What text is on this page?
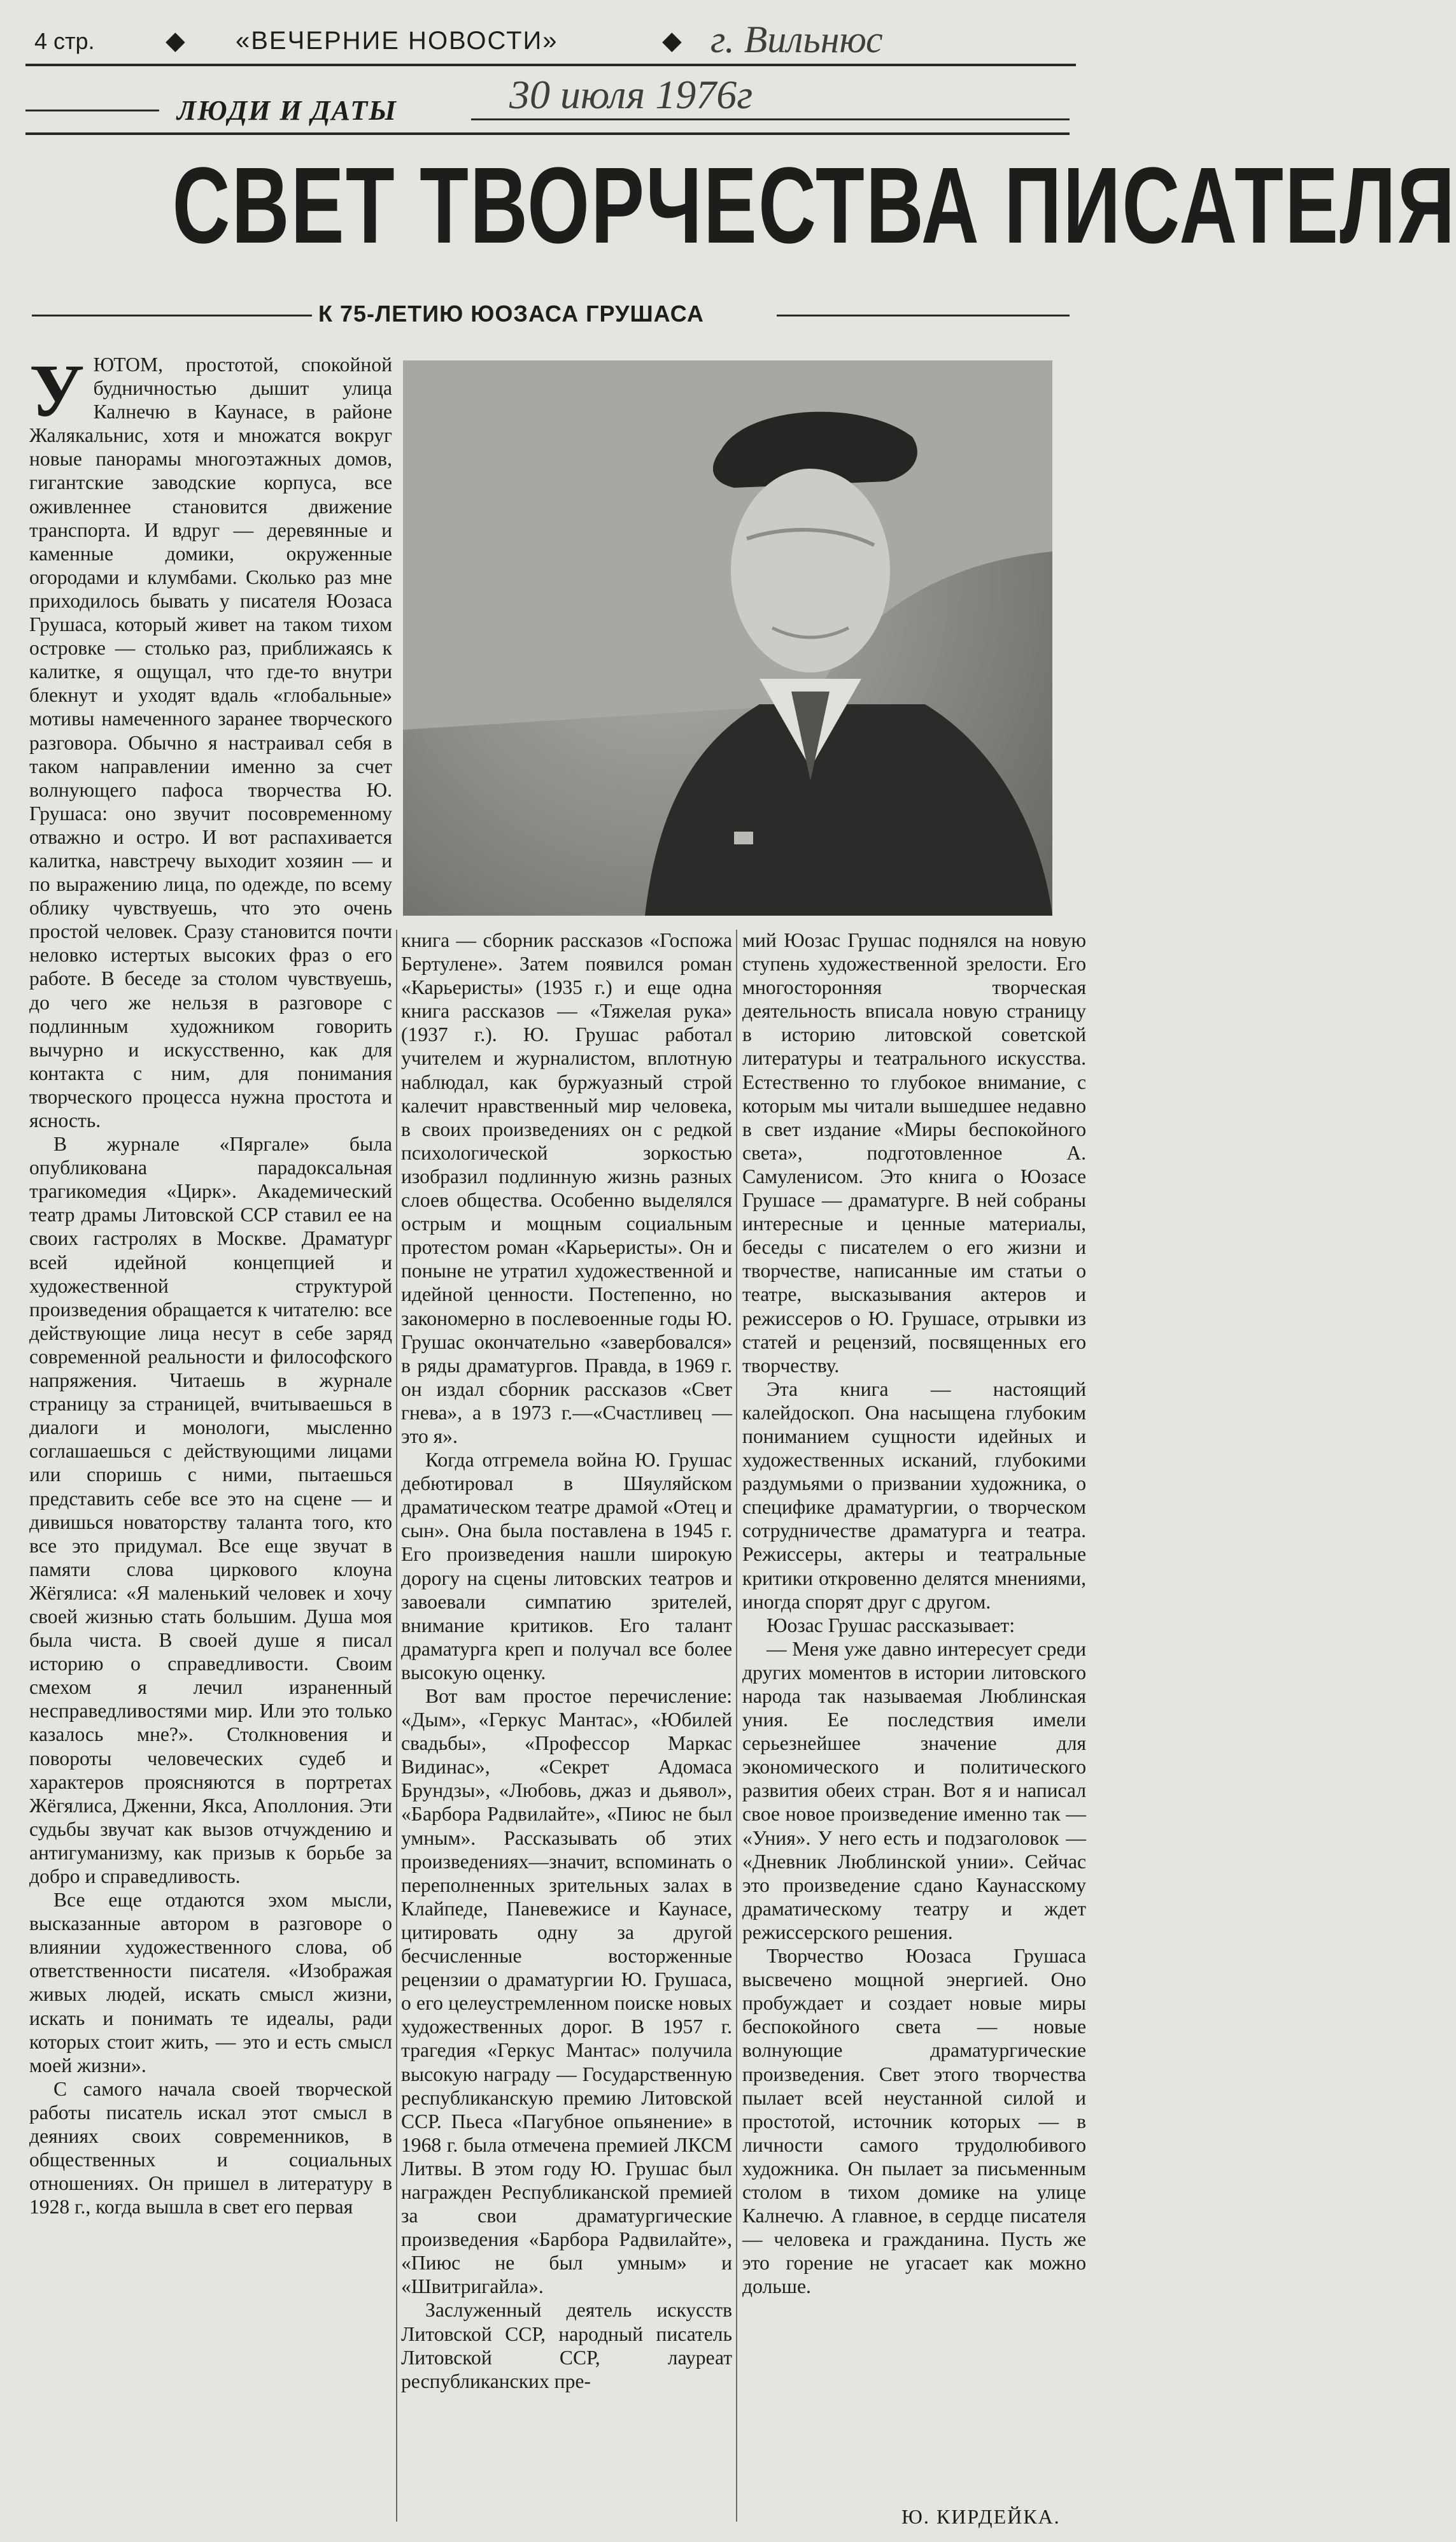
4 стр.	◆ «ВЕЧЕРНИЕ НОВОСТИ»	◆ г. Вильнюс
30 июля 1976г
ЛЮДИ И ДАТЫ
СВЕТ ТВОРЧЕСТВА ПИСАТЕЛЯ
К 75-ЛЕТИЮ ЮОЗАСА ГРУШАСА

УЮТОМ, простотой, спокойной будничностью дышит улица Калнечю в Каунасе, в районе Жалякальнис, хотя и множатся вокруг новые панорамы многоэтажных домов, гигантские заводские корпуса, все оживленнее становится движение транспорта. И вдруг — деревянные и каменные домики, окруженные огородами и клумбами. Сколько раз мне приходилось бывать у писателя Юозаса Грушаса, который живет на таком тихом островке — столько раз, приближаясь к калитке, я ощущал, что где-то внутри блекнут и уходят вдаль «глобальные» мотивы намеченного заранее творческого разговора. Обычно я настраивал себя в таком направлении именно за счет волнующего пафоса творчества Ю. Грушаса: оно звучит посовременному отважно и остро. И вот распахивается калитка, навстречу выходит хозяин — и по выражению лица, по одежде, по всему облику чувствуешь, что это очень простой человек. Сразу становится почти неловко истертых высоких фраз о его работе. В беседе за столом чувствуешь, до чего же нельзя в разговоре с подлинным художником говорить вычурно и искусственно, как для контакта с ним, для понимания творческого процесса нужна простота и ясность.

В журнале «Пяргале» была опубликована парадоксальная трагикомедия «Цирк». Академический театр драмы Литовской ССР ставил ее на своих гастролях в Москве. Драматург всей идейной концепцией и художественной структурой произведения обращается к читателю: все действующие лица несут в себе заряд современной реальности и философского напряжения. Читаешь в журнале страницу за страницей, вчитываешься в диалоги и монологи, мысленно соглашаешься с действующими лицами или споришь с ними, пытаешься представить себе все это на сцене — и дивишься новаторству таланта того, кто все это придумал. Все еще звучат в памяти слова циркового клоуна Жёгялиса: «Я маленький человек и хочу своей жизнью стать большим. Душа моя была чиста. В своей душе я писал историю о справедливости. Своим смехом я лечил изрaненный несправедливостями мир. Или это только казалось мне?». Столкновения и повороты человеческих судеб и характеров проясняются в портретах Жёгялиса, Дженни, Якса, Аполлония. Эти судьбы звучат как вызов отчуждению и антигуманизму, как призыв к борьбе за добро и справедливость.

Все еще отдаются эхом мысли, высказанные автором в разговоре о влиянии художественного слова, об ответственности писателя. «Изображая живых людей, искать смысл жизни, искать и понимать те идеалы, ради которых стоит жить, — это и есть смысл моей жизни».

С самого начала своей творческой работы писатель искал этот смысл в деяниях своих современников, в общественных и социальных отношениях. Он пришел в литературу в 1928 г., когда вышла в свет его первая

книга — сборник рассказов «Госпожа Бертулене». Затем появился роман «Карьеристы» (1935 г.) и еще одна книга рассказов — «Тяжелая рука» (1937 г.). Ю. Грушас работал учителем и журналистом, вплотную наблюдал, как буржуазный строй калечит нравственный мир человека, в своих произведениях он с редкой психологической зоркостью изобразил подлинную жизнь разных слоев общества. Особенно выделялся острым и мощным социальным протестом роман «Карьеристы». Он и поныне не утратил художественной и идейной ценности. Постепенно, но закономерно в послевоенные годы Ю. Грушас окончательно «завербовался» в ряды драматургов. Правда, в 1969 г. он издал сборник рассказов «Свет гнева», а в 1973 г.—«Счастливец — это я».

Когда отгремела война Ю. Грушас дебютировал в Шяуляйском драматическом театре драмой «Отец и сын». Она была поставлена в 1945 г. Его произведения нашли широкую дорогу на сцены литовских театров и завоевали симпатию зрителей, внимание критиков. Его талант драматурга креп и получал все более высокую оценку.

Вот вам простое перечисление: «Дым», «Геркус Мантас», «Юбилей свадьбы», «Профессор Маркас Видинас», «Секрет Адомаса Брундзы», «Любовь, джаз и дьявол», «Барбора Радвилайте», «Пиюс не был умным». Рассказывать об этих произведениях—значит, вспоминать о переполненных зрительных залах в Клайпеде, Паневежисе и Каунасе, цитировать одну за другой бесчисленные восторженные рецензии о драматургии Ю. Грушаса, о его целеустремленном поиске новых художественных дорог. В 1957 г. трагедия «Геркус Мантас» получила высокую награду — Государственную республиканскую премию Литовской ССР. Пьеса «Пагубное опьянение» в 1968 г. была отмечена премией ЛКСМ Литвы. В этом году Ю. Грушас был награжден Республиканской премией за свои драматургические произведения «Барбора Радвилайте», «Пиюс не был умным» и «Швитригайла».

Заслуженный деятель искусств Литовской ССР, народный писатель Литовской ССР, лауреат республиканских пре-

мий Юозас Грушас поднялся на новую ступень художественной зрелости. Его многосторонняя творческая деятельность вписала новую страницу в историю литовской советской литературы и театрального искусства. Естественно то глубокое внимание, с которым мы читали вышедшее недавно в свет издание «Миры беспокойного света», подготовленное А. Самуленисом. Это книга о Юозасе Грушасе — драматурге. В ней собраны интересные и ценные материалы, беседы с писателем о его жизни и творчестве, написанные им статьи о театре, высказывания актеров и режиссеров о Ю. Грушасе, отрывки из статей и рецензий, посвященных его творчеству.

Эта книга — настоящий калейдоскоп. Она насыщена глубоким пониманием сущности идейных и художественных исканий, глубокими раздумьями о призвании художника, о специфике драматургии, о творческом сотрудничестве драматурга и театра. Режиссеры, актеры и театральные критики откровенно делятся мнениями, иногда спорят друг с другом.

Юозас Грушас рассказывает:

— Меня уже давно интересует среди других моментов в истории литовского народа так называемая Люблинская уния. Ее последствия имели серьезнейшее значение для экономического и политического развития обеих стран. Вот я и написал свое новое произведение именно так — «Уния». У него есть и подзаголовок — «Дневник Люблинской унии». Сейчас это произведение сдано Каунасскому драматическому театру и ждет режиссерского решения.

Творчество Юозаса Грушаса высвечено мощной энергией. Оно пробуждает и создает новые миры беспокойного света — новые волнующие драматургические произведения. Свет этого творчества пылает всей неустанной силой и простотой, источник которых — в личности самого трудолюбивого художника. Он пылает за письменным столом в тихом домике на улице Калнечю. А главное, в сердце писателя — человека и гражданина. Пусть же это горение не угасает как можно дольше.

Ю. КИРДЕЙКА.
